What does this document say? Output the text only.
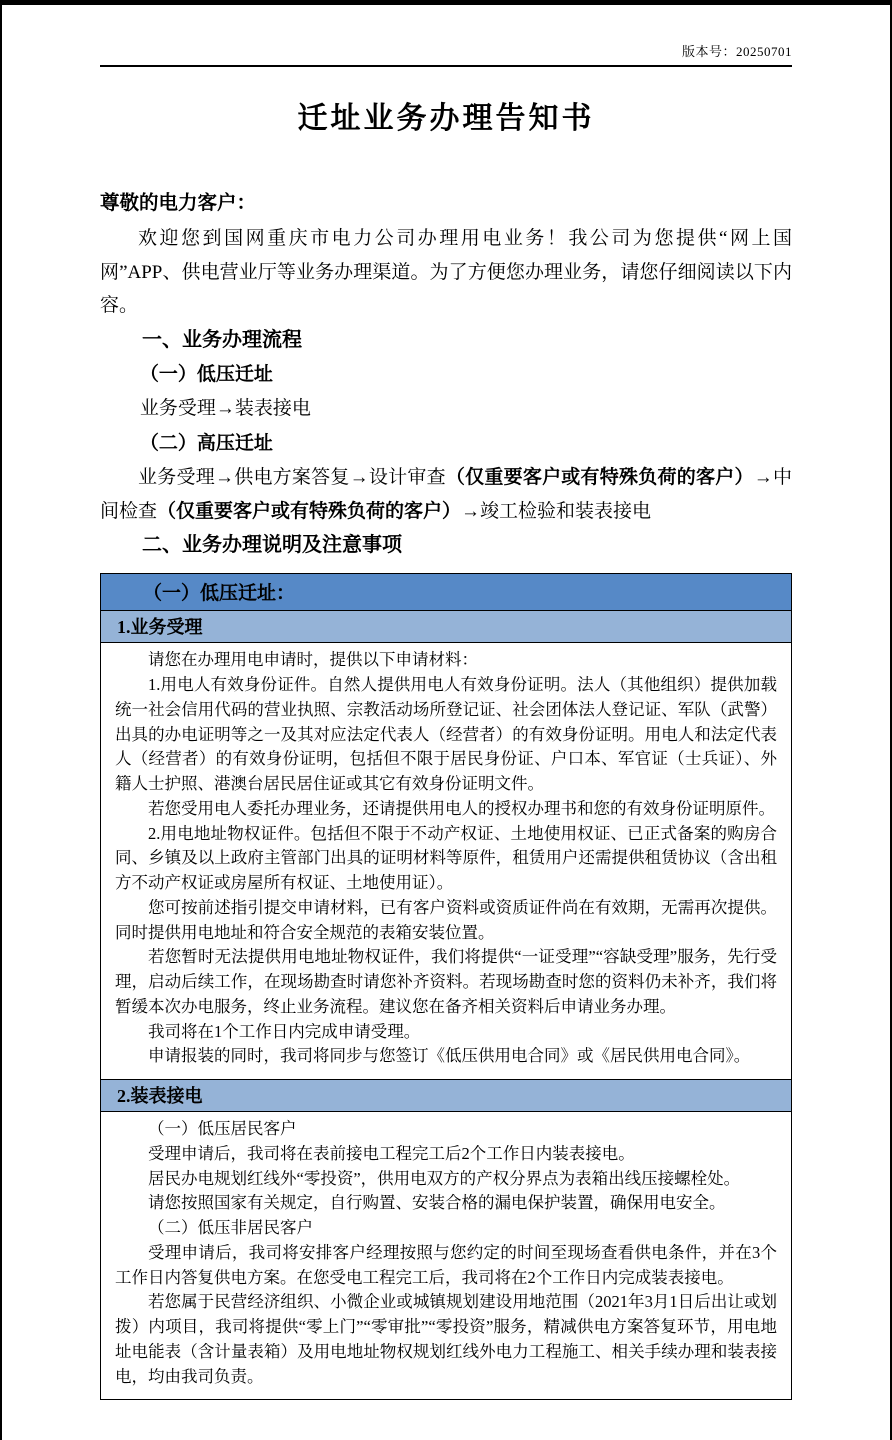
版本号：20250701
迁址业务办理告知书

尊敬的电力客户：

欢迎您到国网重庆市电力公司办理用电业务！我公司为您提供“网上国网”APP、供电营业厅等业务办理渠道。为了方便您办理业务，请您仔细阅读以下内容。

一、业务办理流程
（一）低压迁址

业务受理→装表接电

（二）高压迁址

业务受理→供电方案答复→设计审查（仅重要客户或有特殊负荷的客户）→中间检查（仅重要客户或有特殊负荷的客户）→竣工检验和装表接电

二、业务办理说明及注意事项
（一）低压迁址：
1.业务受理

请您在办理用电申请时，提供以下申请材料：

1.用电人有效身份证件。自然人提供用电人有效身份证明。法人（其他组织）提供加载统一社会信用代码的营业执照、宗教活动场所登记证、社会团体法人登记证、军队（武警）出具的办电证明等之一及其对应法定代表人（经营者）的有效身份证明。用电人和法定代表人（经营者）的有效身份证明，包括但不限于居民身份证、户口本、军官证（士兵证）、外籍人士护照、港澳台居民居住证或其它有效身份证明文件。

若您受用电人委托办理业务，还请提供用电人的授权办理书和您的有效身份证明原件。

2.用电地址物权证件。包括但不限于不动产权证、土地使用权证、已正式备案的购房合同、乡镇及以上政府主管部门出具的证明材料等原件，租赁用户还需提供租赁协议（含出租方不动产权证或房屋所有权证、土地使用证）。

您可按前述指引提交申请材料，已有客户资料或资质证件尚在有效期，无需再次提供。同时提供用电地址和符合安全规范的表箱安装位置。

若您暂时无法提供用电地址物权证件，我们将提供“一证受理”“容缺受理”服务，先行受理，启动后续工作，在现场勘查时请您补齐资料。若现场勘查时您的资料仍未补齐，我们将暂缓本次办电服务，终止业务流程。建议您在备齐相关资料后申请业务办理。

我司将在1个工作日内完成申请受理。

申请报装的同时，我司将同步与您签订《低压供用电合同》或《居民供用电合同》。

2.装表接电

（一）低压居民客户

受理申请后，我司将在表前接电工程完工后2个工作日内装表接电。

居民办电规划红线外“零投资”，供用电双方的产权分界点为表箱出线压接螺栓处。

请您按照国家有关规定，自行购置、安装合格的漏电保护装置，确保用电安全。

（二）低压非居民客户

受理申请后，我司将安排客户经理按照与您约定的时间至现场查看供电条件，并在3个工作日内答复供电方案。在您受电工程完工后，我司将在2个工作日内完成装表接电。

若您属于民营经济组织、小微企业或城镇规划建设用地范围（2021年3月1日后出让或划拨）内项目，我司将提供“零上门”“零审批”“零投资”服务，精减供电方案答复环节，用电地址电能表（含计量表箱）及用电地址物权规划红线外电力工程施工、相关手续办理和装表接电，均由我司负责。
